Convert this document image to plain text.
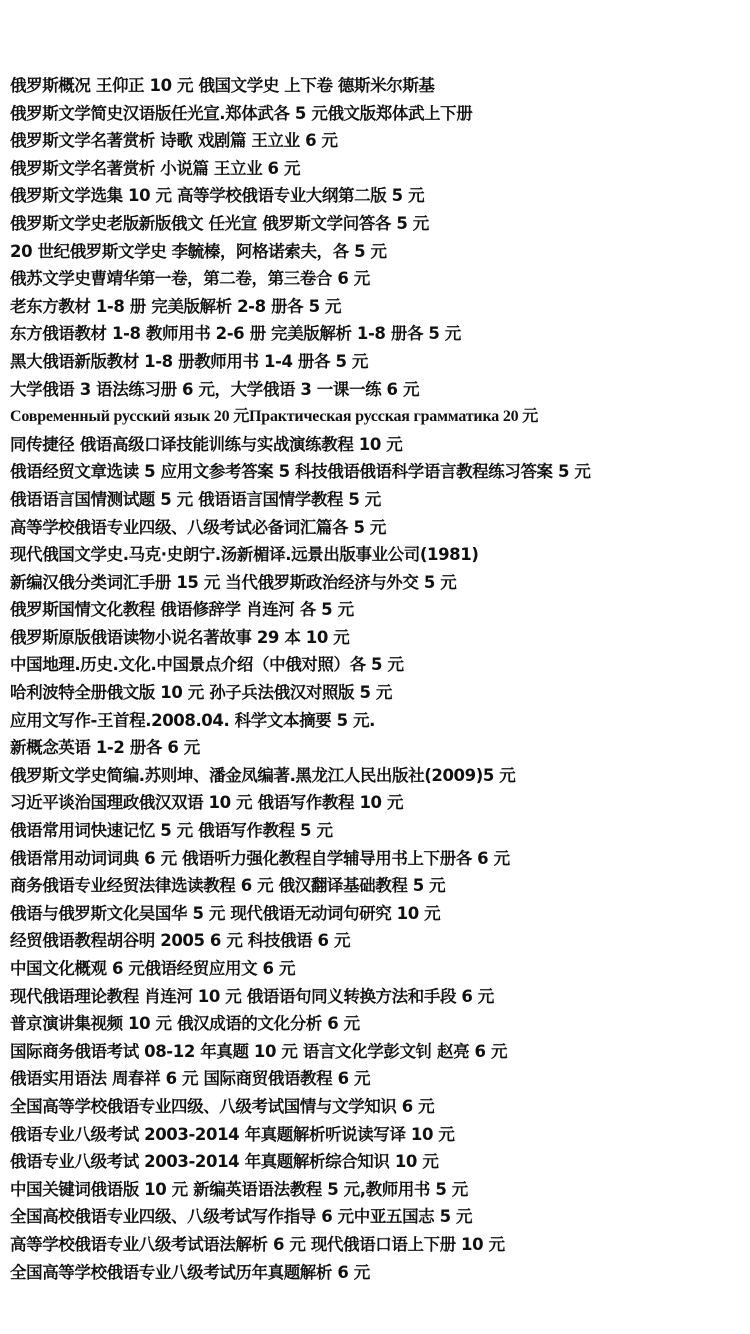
俄罗斯概况 王仰正 10 元 俄国文学史 上下卷 德斯米尔斯基
俄罗斯文学简史汉语版任光宣.郑体武各 5 元俄文版郑体武上下册
俄罗斯文学名著赏析 诗歌 戏剧篇 王立业 6 元
俄罗斯文学名著赏析 小说篇 王立业 6 元
俄罗斯文学选集 10 元 高等学校俄语专业大纲第二版 5 元
俄罗斯文学史老版新版俄文 任光宣 俄罗斯文学问答各 5 元
20 世纪俄罗斯文学史 李毓榛，阿格诺索夫，各 5 元
俄苏文学史曹靖华第一卷，第二卷，第三卷合 6 元
老东方教材 1-8 册 完美版解析 2-8 册各 5 元
东方俄语教材 1-8 教师用书 2-6 册 完美版解析 1-8 册各 5 元
黑大俄语新版教材 1-8 册教师用书 1-4 册各 5 元
大学俄语 3 语法练习册 6 元，大学俄语 3 一课一练 6 元
Современный русский язык 20 元Практическая русская грамматика 20 元
同传捷径 俄语高级口译技能训练与实战演练教程 10 元
俄语经贸文章选读 5 应用文参考答案 5 科技俄语俄语科学语言教程练习答案 5 元
俄语语言国情测试题 5 元 俄语语言国情学教程 5 元
高等学校俄语专业四级、八级考试必备词汇篇各 5 元
现代俄国文学史.马克·史朗宁.汤新楣译.远景出版事业公司(1981)
新编汉俄分类词汇手册 15 元 当代俄罗斯政治经济与外交 5 元
俄罗斯国情文化教程 俄语修辞学 肖连河 各 5 元
俄罗斯原版俄语读物小说名著故事 29 本 10 元
中国地理.历史.文化.中国景点介绍（中俄对照）各 5 元
哈利波特全册俄文版 10 元 孙子兵法俄汉对照版 5 元
应用文写作-王首程.2008.04. 科学文本摘要 5 元.
新概念英语 1-2 册各 6 元
俄罗斯文学史简编.苏则坤、潘金凤编著.黑龙江人民出版社(2009)5 元
习近平谈治国理政俄汉双语 10 元 俄语写作教程 10 元
俄语常用词快速记忆 5 元 俄语写作教程 5 元
俄语常用动词词典 6 元 俄语听力强化教程自学辅导用书上下册各 6 元
商务俄语专业经贸法律选读教程 6 元 俄汉翻译基础教程 5 元
俄语与俄罗斯文化吴国华 5 元 现代俄语无动词句研究 10 元
经贸俄语教程胡谷明 2005 6 元 科技俄语 6 元
中国文化概观 6 元俄语经贸应用文 6 元
现代俄语理论教程 肖连河 10 元 俄语语句同义转换方法和手段 6 元
普京演讲集视频 10 元 俄汉成语的文化分析 6 元
国际商务俄语考试 08-12 年真题 10 元 语言文化学彭文钊 赵亮 6 元
俄语实用语法 周春祥 6 元 国际商贸俄语教程 6 元
全国高等学校俄语专业四级、八级考试国情与文学知识 6 元
俄语专业八级考试 2003-2014 年真题解析听说读写译 10 元
俄语专业八级考试 2003-2014 年真题解析综合知识 10 元
中国关键词俄语版 10 元 新编英语语法教程 5 元,教师用书 5 元
全国高校俄语专业四级、八级考试写作指导 6 元中亚五国志 5 元
高等学校俄语专业八级考试语法解析 6 元 现代俄语口语上下册 10 元
全国高等学校俄语专业八级考试历年真题解析 6 元
